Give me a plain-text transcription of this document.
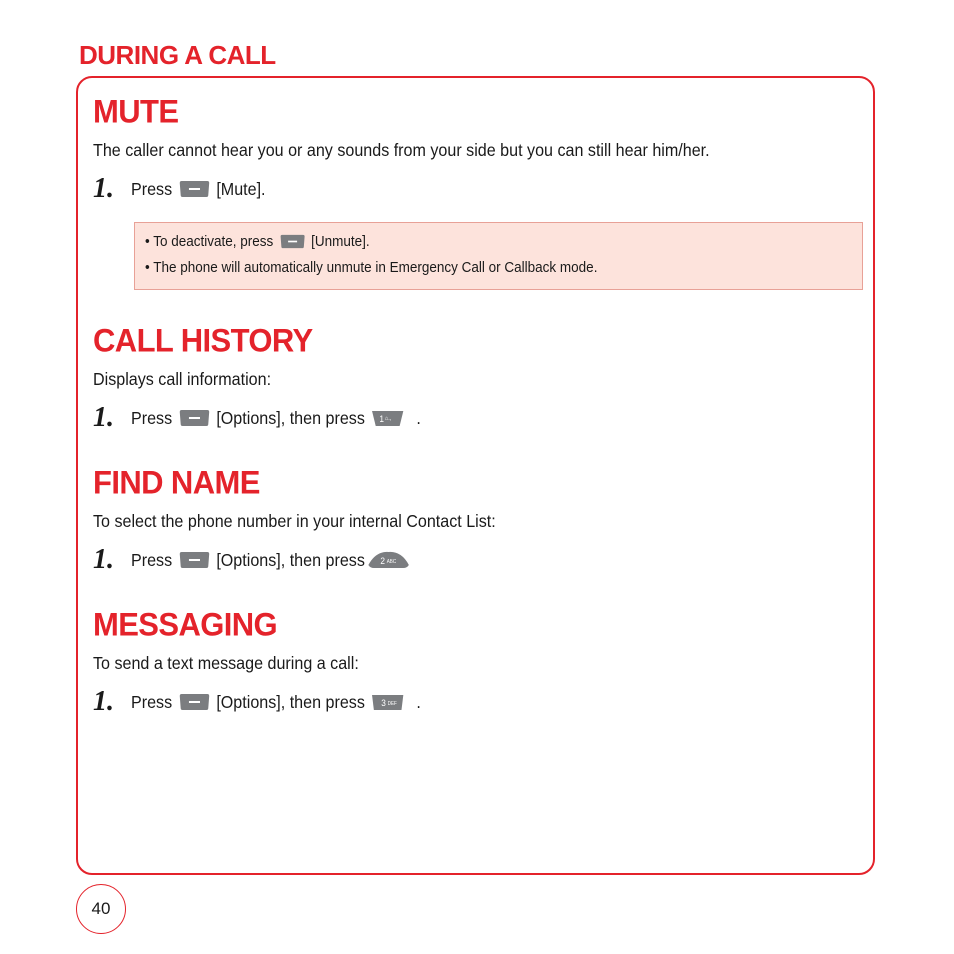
DURING A CALL
MUTE
The caller cannot hear you or any sounds from your side but you can still hear him/her.
1. Press	[Mute].
• To deactivate, press	[Unmute].
• The phone will automatically unmute in Emergency Call or Callback mode.
CALL HISTORY
Displays call information:
1. Press	[Options], then press 1 ⌂., .
FIND NAME
To select the phone number in your internal Contact List:
1. Press	[Options], then press 2 ABC
MESSAGING
To send a text message during a call:
1. Press	[Options], then press 3 DEF .
40
